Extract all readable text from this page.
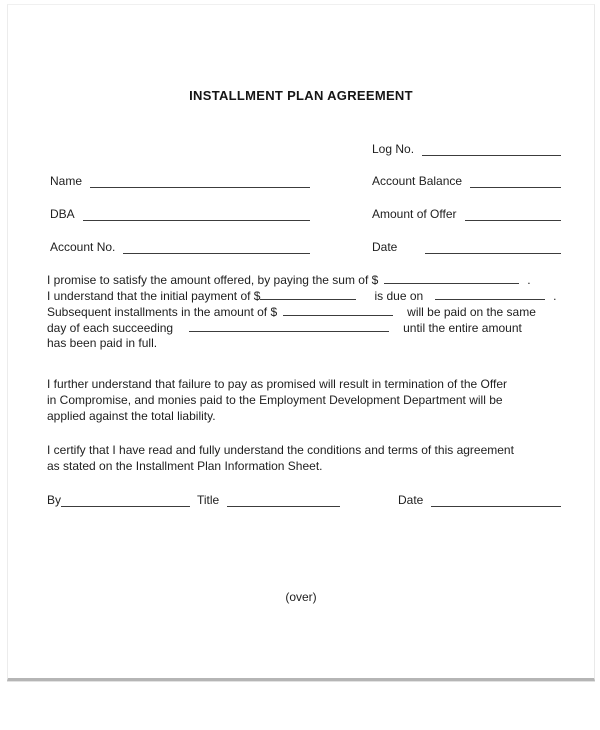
INSTALLMENT PLAN AGREEMENT
Log No.
Name	Account Balance
DBA	Amount of Offer
Account No.	Date
I promise to satisfy the amount offered, by paying the sum of $	.
I understand that the initial payment of $	is due on	.
Subsequent installments in the amount of $	will be paid on the same
day of each succeeding	until the entire amount
has been paid in full.
I further understand that failure to pay as promised will result in termination of the Offer
in Compromise, and monies paid to the Employment Development Department will be
applied against the total liability.
I certify that I have read and fully understand the conditions and terms of this agreement
as stated on the Installment Plan Information Sheet.
By	Title	Date
(over)
